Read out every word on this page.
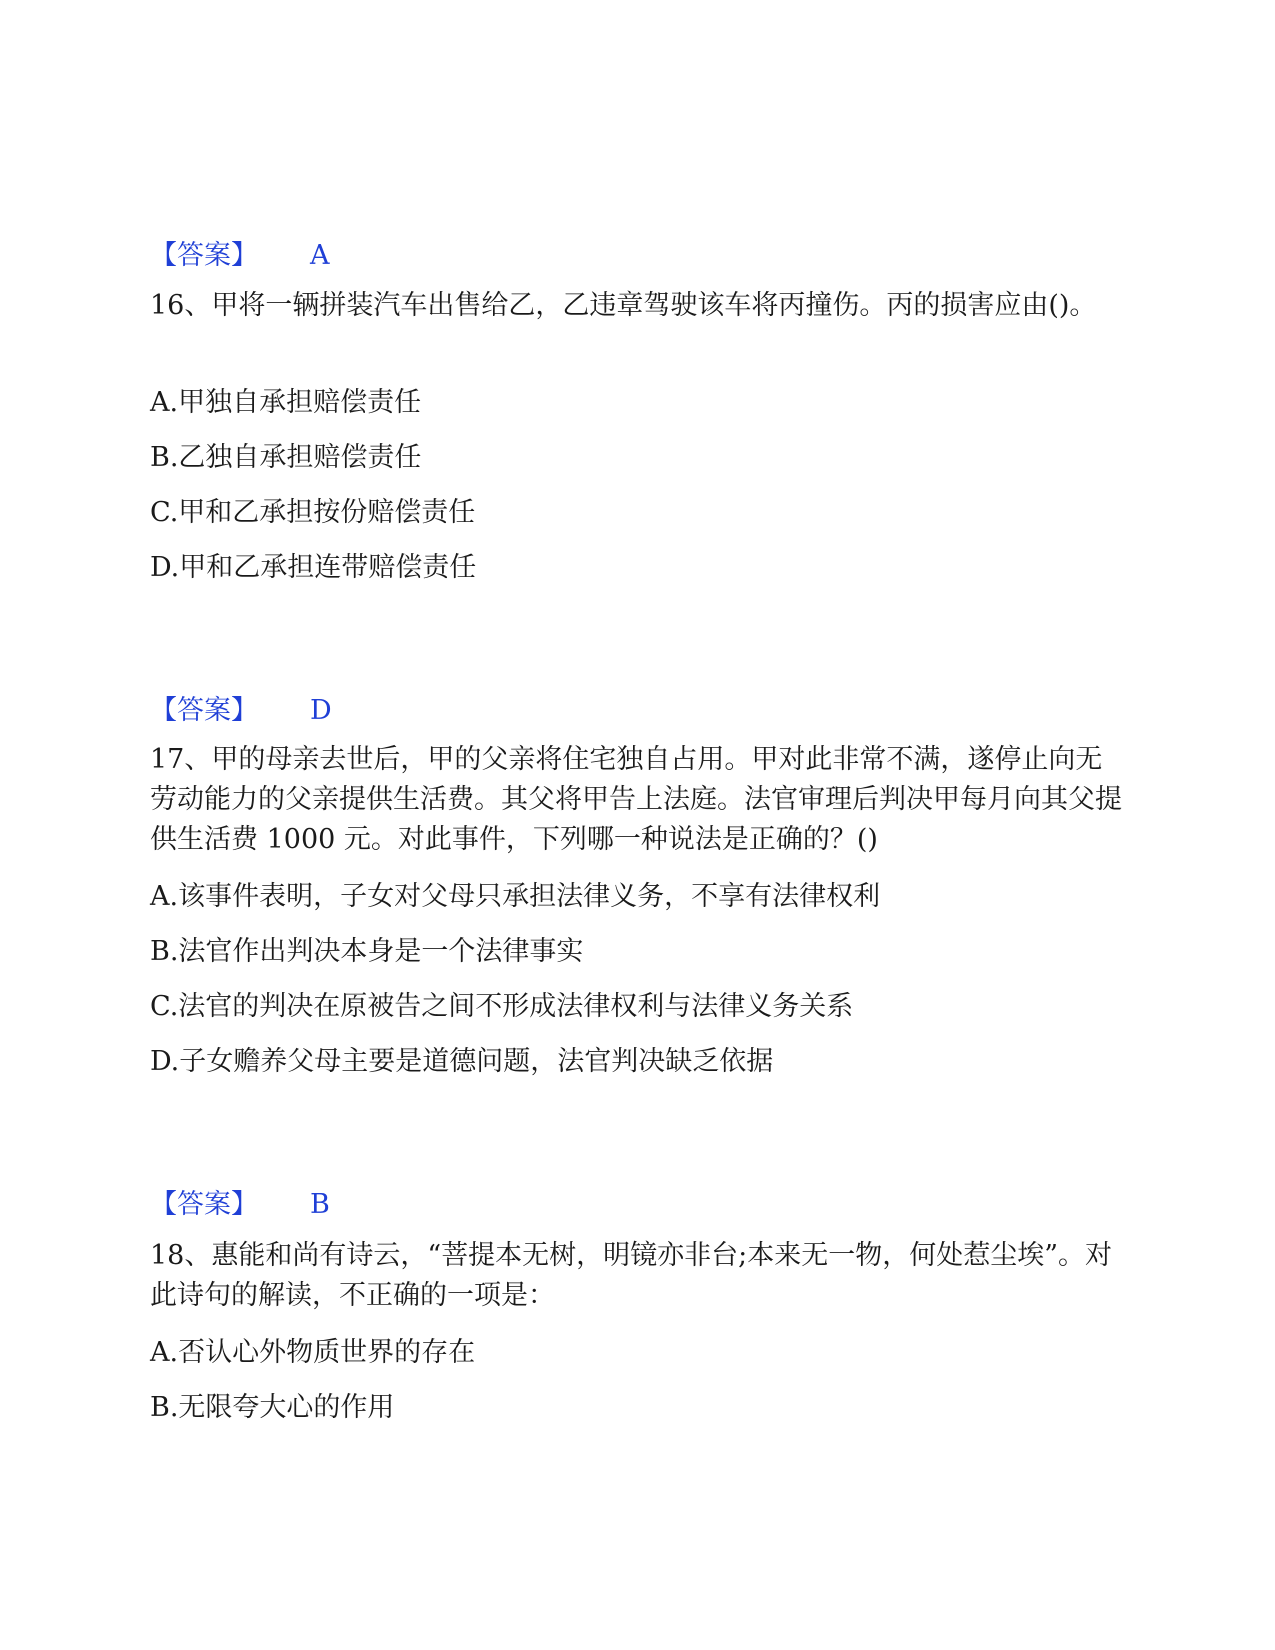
【答案】 A
16、甲将一辆拼装汽车出售给乙，乙违章驾驶该车将丙撞伤。丙的损害应由()。
A.甲独自承担赔偿责任
B.乙独自承担赔偿责任
C.甲和乙承担按份赔偿责任
D.甲和乙承担连带赔偿责任
【答案】 D
17、甲的母亲去世后，甲的父亲将住宅独自占用。甲对此非常不满，遂停止向无劳动能力的父亲提供生活费。其父将甲告上法庭。法官审理后判决甲每月向其父提供生活费 1000 元。对此事件，下列哪一种说法是正确的？()
A.该事件表明，子女对父母只承担法律义务，不享有法律权利
B.法官作出判决本身是一个法律事实
C.法官的判决在原被告之间不形成法律权利与法律义务关系
D.子女赡养父母主要是道德问题，法官判决缺乏依据
【答案】 B
18、惠能和尚有诗云，“菩提本无树，明镜亦非台;本来无一物，何处惹尘埃”。对此诗句的解读，不正确的一项是：
A.否认心外物质世界的存在
B.无限夸大心的作用
